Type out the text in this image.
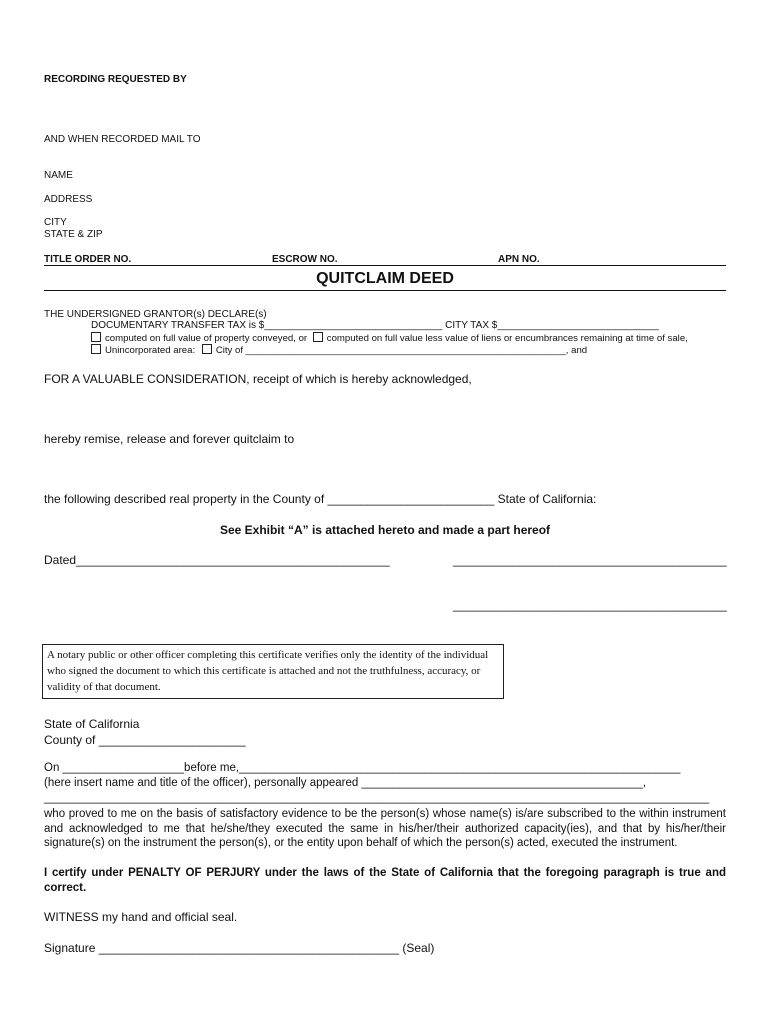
RECORDING REQUESTED BY
AND WHEN RECORDED MAIL TO
NAME
ADDRESS
CITY
STATE & ZIP
TITLE ORDER NO.	ESCROW NO.	APN NO.
QUITCLAIM DEED
THE UNDERSIGNED GRANTOR(s) DECLARE(s)
DOCUMENTARY TRANSFER TAX is $________________________________ CITY TAX $_____________________________
computed on full value of property conveyed, or computed on full value less value of liens or encumbrances remaining at time of sale,
Unincorporated area: City of ____________________________________________________________, and
FOR A VALUABLE CONSIDERATION, receipt of which is hereby acknowledged,
hereby remise, release and forever quitclaim to
the following described real property in the County of _________________________ State of California:
See Exhibit “A” is attached hereto and made a part hereof
Dated_______________________________________________	_________________________________________
_________________________________________
A notary public or other officer completing this certificate verifies only the identity of the individual who signed the document to which this certificate is attached and not the truthfulness, accuracy, or validity of that document.
State of California
County of ______________________
On ___________________before me,_____________________________________________________________________
(here insert name and title of the officer), personally appeared ____________________________________________,
________________________________________________________________________________________________________
who proved to me on the basis of satisfactory evidence to be the person(s) whose name(s) is/are subscribed to the within instrument and acknowledged to me that he/she/they executed the same in his/her/their authorized capacity(ies), and that by his/her/their signature(s) on the instrument the person(s), or the entity upon behalf of which the person(s) acted, executed the instrument.
I certify under PENALTY OF PERJURY under the laws of the State of California that the foregoing paragraph is true and correct.
WITNESS my hand and official seal.
Signature _____________________________________________ (Seal)
